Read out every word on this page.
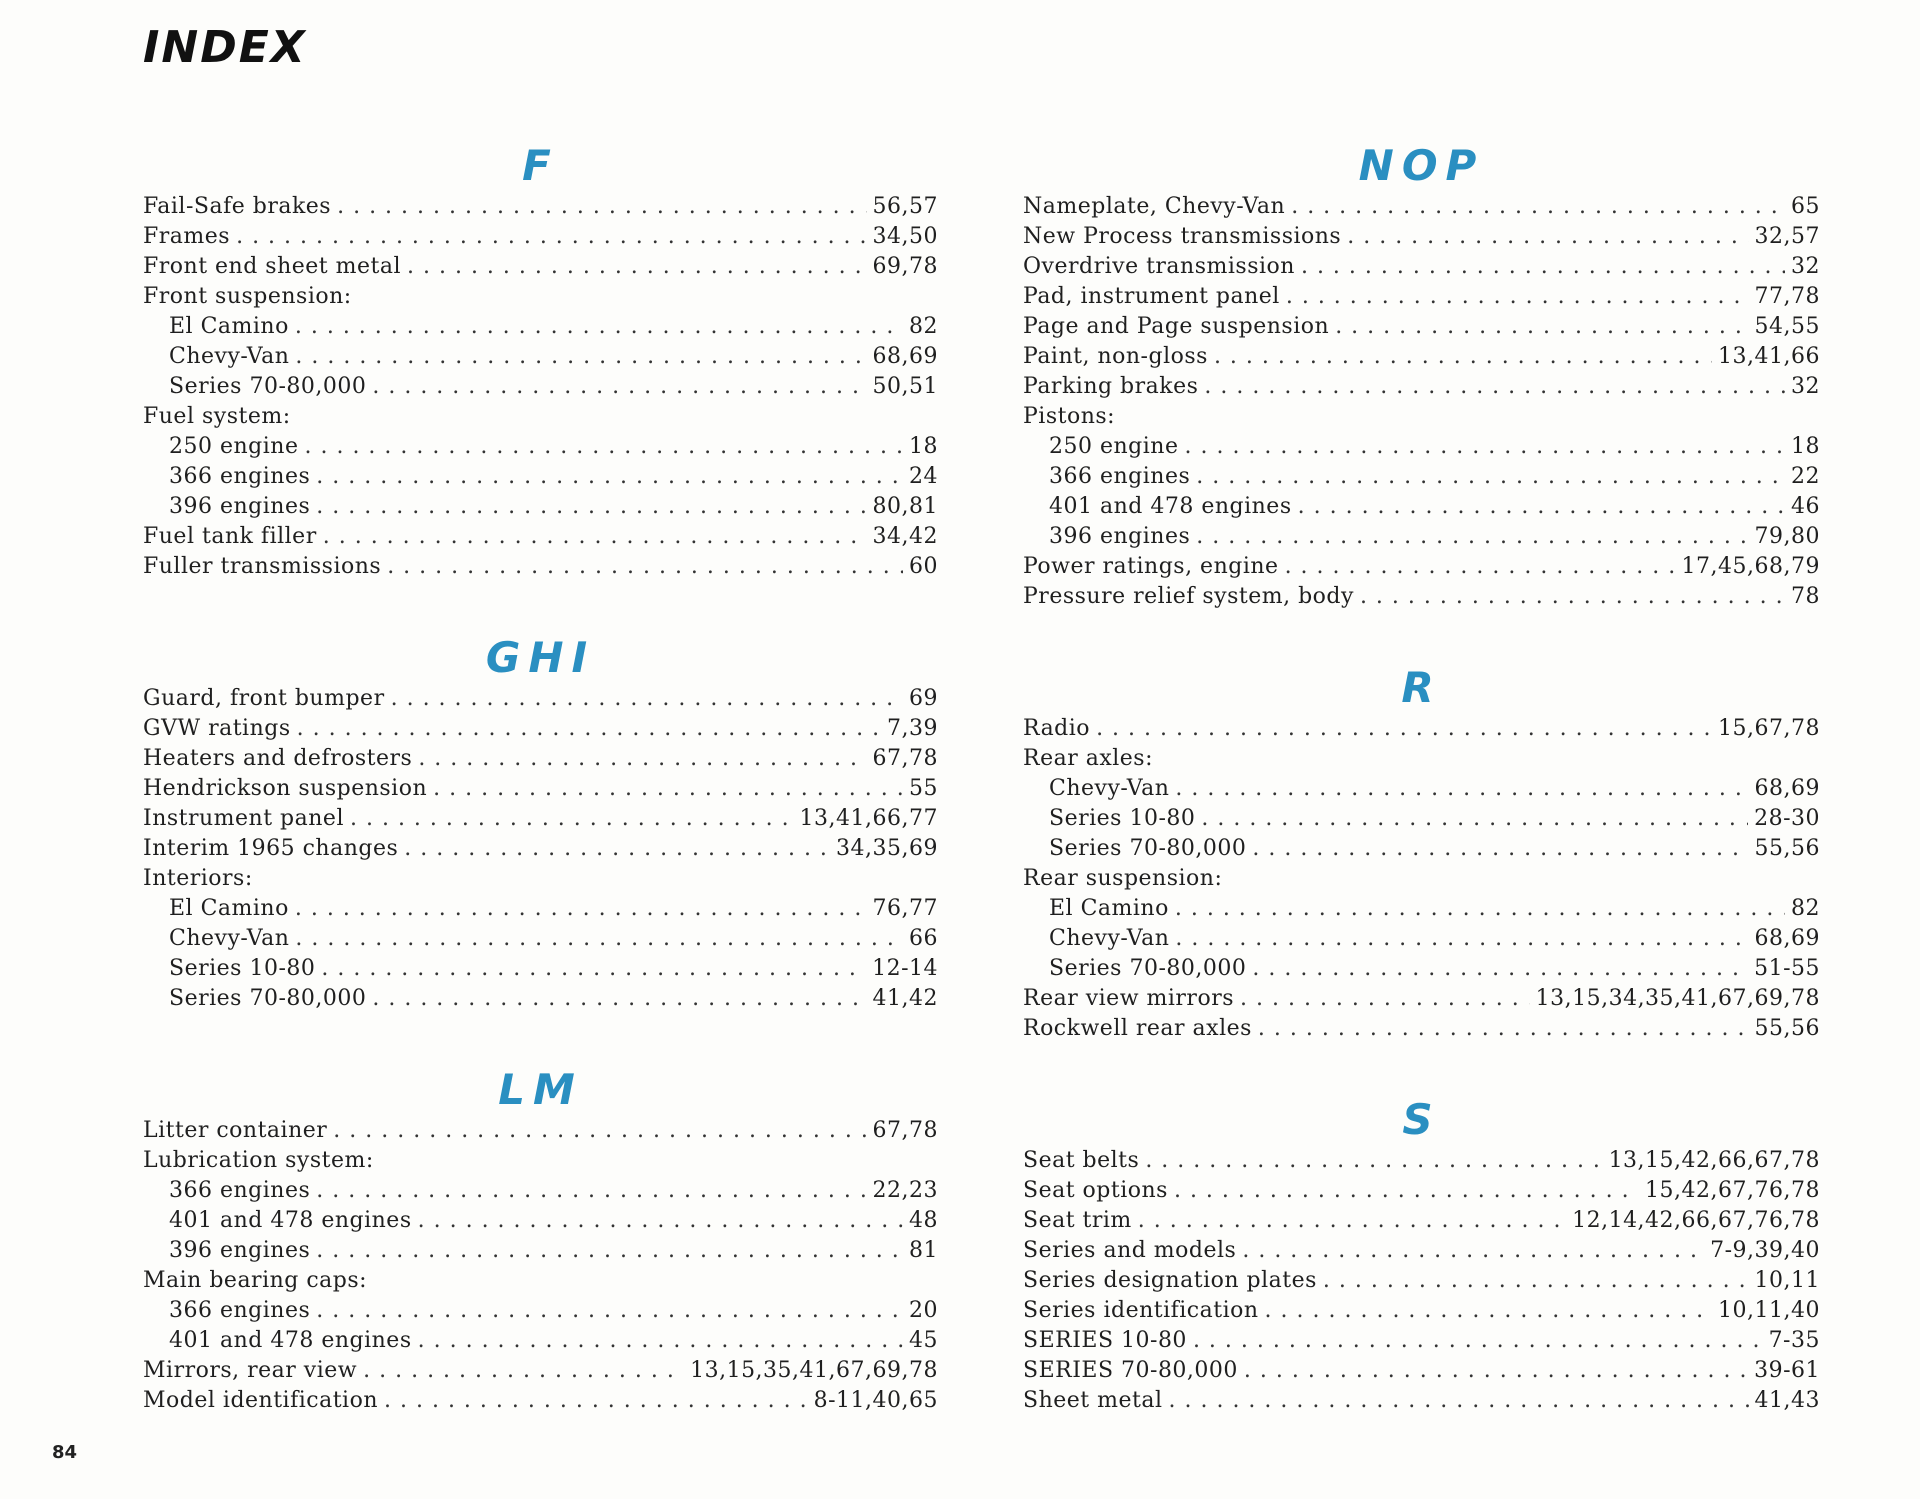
INDEX
F
Fail-Safe brakes . . .	56,57
Frames . . .	34,50
Front end sheet metal . . .	69,78
Front suspension:
El Camino . . .	82
Chevy-Van . . .	68,69
Series 70-80,000 . . .	50,51
Fuel system:
250 engine . . .	18
366 engines . . .	24
396 engines . . .	80,81
Fuel tank filler . . .	34,42
Fuller transmissions . . .	60
GHI
Guard, front bumper . . .	69
GVW ratings . . .	7,39
Heaters and defrosters . . .	67,78
Hendrickson suspension . . .	55
Instrument panel . . .	13,41,66,77
Interim 1965 changes . . .	34,35,69
Interiors:
El Camino . . .	76,77
Chevy-Van . . .	66
Series 10-80 . . .	12-14
Series 70-80,000 . . .	41,42
LM
Litter container . . .	67,78
Lubrication system:
366 engines . . .	22,23
401 and 478 engines . . .	48
396 engines . . .	81
Main bearing caps:
366 engines . . .	20
401 and 478 engines . . .	45
Mirrors, rear view . . .	13,15,35,41,67,69,78
Model identification . . .	8-11,40,65
NOP
Nameplate, Chevy-Van . . .	65
New Process transmissions . . .	32,57
Overdrive transmission . . .	32
Pad, instrument panel . . .	77,78
Page and Page suspension . . .	54,55
Paint, non-gloss . . .	13,41,66
Parking brakes . . .	32
Pistons:
250 engine . . .	18
366 engines . . .	22
401 and 478 engines . . .	46
396 engines . . .	79,80
Power ratings, engine . . .	17,45,68,79
Pressure relief system, body . . .	78
R
Radio . . .	15,67,78
Rear axles:
Chevy-Van . . .	68,69
Series 10-80 . . .	28-30
Series 70-80,000 . . .	55,56
Rear suspension:
El Camino . . .	82
Chevy-Van . . .	68,69
Series 70-80,000 . . .	51-55
Rear view mirrors . . .	13,15,34,35,41,67,69,78
Rockwell rear axles . . .	55,56
S
Seat belts . . .	13,15,42,66,67,78
Seat options . . .	15,42,67,76,78
Seat trim . . .	12,14,42,66,67,76,78
Series and models . . .	7-9,39,40
Series designation plates . . .	10,11
Series identification . . .	10,11,40
SERIES 10-80 . . .	7-35
SERIES 70-80,000 . . .	39-61
Sheet metal . . .	41,43
84
